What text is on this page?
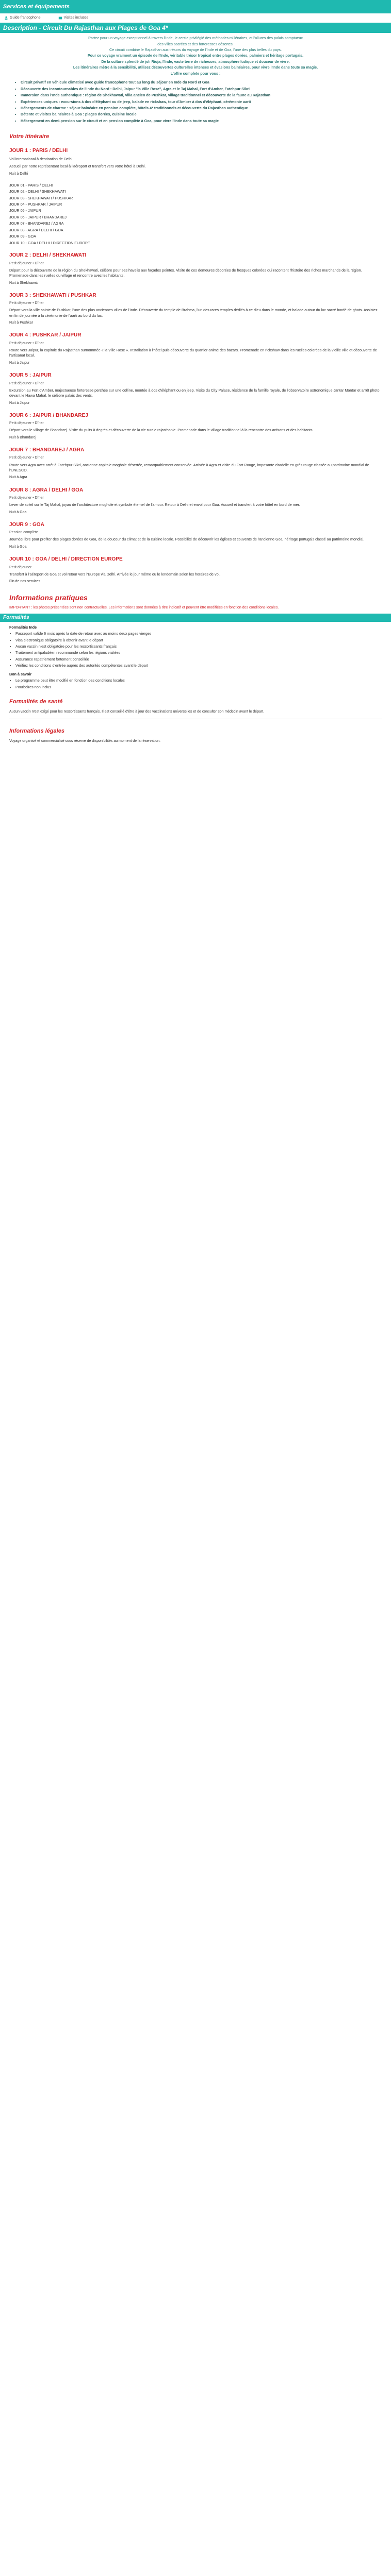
Services et équipements
Guide francophone	Visites incluses
Description - Circuit Du Rajasthan aux Plages de Goa 4*

Partez pour un voyage exceptionnel à travers l'Inde, le cercle privilégié des méthodes millénaires, et l'allures des palais somptueux

des villes sacrées et des forteresses désertes.

Ce circuit combine le Rajasthan aux trésors du voyage de l'Inde et de Goa, l'une des plus belles du pays.

Pour ce voyage vraiment un épisode de l'Inde, véritable trésor tropical entre plages dorées, palmiers et héritage portugais.

De la culture splendé de joli Rioja, l'Inde, vaste terre de richesses, atmosphère ludique et douceur de vivre.

Les itinéraires mètre à la sensibilité, utilisez découvertes culturelles intenses et évasions balnéaires, pour vivre l'Inde dans toute sa magie.

L'offre complete pour vous :

• Circuit privatif en véhicule climatisé avec guide francophone tout au long du séjour en Inde du Nord et Goa
• Découverte des incontournables de l'Inde du Nord : Delhi, Jaipur "la Ville Rose", Agra et le Taj Mahal, Fort d'Amber, Fatehpur Sikri
• Immersion dans l'Inde authentique : région de Shekhawati, villa ancien de Pushkar, village traditionnel et découverte de la faune au Rajasthan
• Expériences uniques : excursions à dos d'éléphant ou de jeep, balade en rickshaw, tour d'Amber à dos d'éléphant, cérémonie aarti
• Hébergements de charme : séjour balnéaire en pension complète, hôtels 4* traditionnels et découverte du Rajasthan authentique
• Détente et visites balnéaires à Goa : plages dorées, cuisine locale
• Hébergement en demi-pension sur le circuit et en pension complète à Goa, pour vivre l'Inde dans toute sa magie
Votre itinéraire
JOUR 1 : PARIS / DELHI
Vol international à destination de Delhi
Accueil par notre représentant local à l'aéroport et transfert vers votre hôtel à Delhi.
Nuit à Delhi
JOUR 01 - PARIS / DELHI
JOUR 02 - DELHI / SHEKHAWATI
JOUR 03 - SHEKHAWATI / PUSHKAR
JOUR 04 - PUSHKAR / JAIPUR
JOUR 05 - JAIPUR
JOUR 06 - JAIPUR / BHANDAREJ
JOUR 07 - BHANDAREJ / AGRA
JOUR 08 - AGRA / DELHI / GOA
JOUR 09 - GOA
JOUR 10 - GOA / DELHI / DIRECTION EUROPE
JOUR 2 : DELHI / SHEKHAWATI
Petit déjeuner • Dîner
Départ pour la découverte de la région du Shekhawati, célèbre pour ses havelis aux façades peintes. Visite de ces demeures décorées de fresques colorées qui racontent l'histoire des riches marchands de la région. Promenade dans les ruelles du village et rencontre avec les habitants.
Nuit à Shekhawati
JOUR 3 : SHEKHAWATI / PUSHKAR
Petit déjeuner • Dîner
Départ vers la ville sainte de Pushkar, l'une des plus anciennes villes de l'Inde. Découverte du temple de Brahma, l'un des rares temples dédiés à ce dieu dans le monde, et balade autour du lac sacré bordé de ghats. Assistez en fin de journée à la cérémonie de l'aarti au bord du lac.
Nuit à Pushkar
JOUR 4 : PUSHKAR / JAIPUR
Petit déjeuner • Dîner
Route vers Jaipur, la capitale du Rajasthan surnommée « la Ville Rose ». Installation à l'hôtel puis découverte du quartier animé des bazars. Promenade en rickshaw dans les ruelles colorées de la vieille ville et découverte de l'artisanat local.
Nuit à Jaipur
JOUR 5 : JAIPUR
Petit déjeuner • Dîner
Excursion au Fort d'Amber, majestueuse forteresse perchée sur une colline, montée à dos d'éléphant ou en jeep. Visite du City Palace, résidence de la famille royale, de l'observatoire astronomique Jantar Mantar et arrêt photo devant le Hawa Mahal, le célèbre palais des vents.
Nuit à Jaipur
JOUR 6 : JAIPUR / BHANDAREJ
Petit déjeuner • Dîner
Départ vers le village de Bhandarej. Visite du puits à degrés et découverte de la vie rurale rajasthanie. Promenade dans le village traditionnel à la rencontre des artisans et des habitants.
Nuit à Bhandarej
JOUR 7 : BHANDAREJ / AGRA
Petit déjeuner • Dîner
Route vers Agra avec arrêt à Fatehpur Sikri, ancienne capitale moghole désertée, remarquablement conservée. Arrivée à Agra et visite du Fort Rouge, imposante citadelle en grès rouge classée au patrimoine mondial de l'UNESCO.
Nuit à Agra
JOUR 8 : AGRA / DELHI / GOA
Petit déjeuner • Dîner
Lever de soleil sur le Taj Mahal, joyau de l'architecture moghole et symbole éternel de l'amour. Retour à Delhi et envol pour Goa. Accueil et transfert à votre hôtel en bord de mer.
Nuit à Goa
JOUR 9 : GOA
Pension complète
Journée libre pour profiter des plages dorées de Goa, de la douceur du climat et de la cuisine locale. Possibilité de découvrir les églises et couvents de l'ancienne Goa, héritage portugais classé au patrimoine mondial.
Nuit à Goa
JOUR 10 : GOA / DELHI / DIRECTION EUROPE
Petit déjeuner
Transfert à l'aéroport de Goa et vol retour vers l'Europe via Delhi. Arrivée le jour même ou le lendemain selon les horaires de vol.
Fin de nos services
Informations pratiques
IMPORTANT : les photos présentées sont non contractuelles. Les informations sont données à titre indicatif et peuvent être modifiées en fonction des conditions locales.
Formalités
Formalités Inde
• Passeport valide 6 mois après la date de retour avec au moins deux pages vierges
• Visa électronique obligatoire à obtenir avant le départ
• Aucun vaccin n'est obligatoire pour les ressortissants français
• Traitement antipaludéen recommandé selon les régions visitées
• Assurance rapatriement fortement conseillée
• Vérifiez les conditions d'entrée auprès des autorités compétentes avant le départ
Bon à savoir
• Le programme peut être modifié en fonction des conditions locales
• Pourboires non inclus
Formalités de santé
Aucun vaccin n'est exigé pour les ressortissants français. Il est conseillé d'être à jour des vaccinations universelles et de consulter son médecin avant le départ.
Informations légales
Voyage organisé et commercialisé sous réserve de disponibilités au moment de la réservation.
